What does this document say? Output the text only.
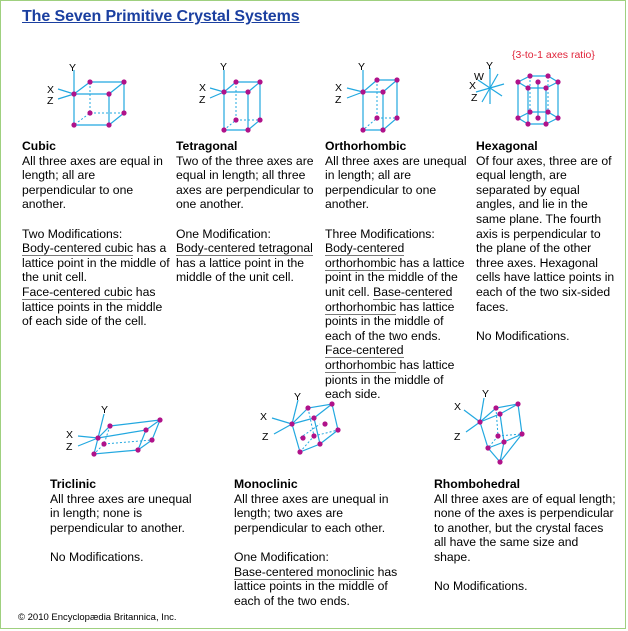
The Seven Primitive Crystal Systems
{3-to-1 axes ratio}
Y
X
Z
Y
X
Z
Y
X
Z
Y
W
X
Z
Y
X
Z
Y
X
Z
Y
X
Z
Cubic

All three axes are equal in length; all are perpendicular to one another.

Two Modifications:
Body-centered cubic has a lattice point in the middle of the unit cell.
Face-centered cubic has lattice points in the middle of each side of the cell.

Tetragonal

Two of the three axes are equal in length; all three axes are perpendicular to one another.

One Modification:
Body-centered tetragonal has a lattice point in the middle of the unit cell.

Orthorhombic

All three axes are unequal in length; all are perpendicular to one another.

Three Modifications:
Body-centered orthorhombic has a lattice point in the middle of the unit cell. Base-centered orthorhombic has lattice points in the middle of each of the two ends.
Face-centered orthorhombic has lattice pionts in the middle of each side.

Hexagonal

Of four axes, three are of equal length, are separated by equal angles, and lie in the same plane. The fourth axis is perpendicular to the plane of the other three axes. Hexagonal cells have lattice points in each of the two six-sided faces.

No Modifications.

Triclinic

All three axes are unequal in length; none is perpendicular to another.

No Modifications.

Monoclinic

All three axes are unequal in length; two axes are perpendicular to each other.

One Modification:
Base-centered monoclinic has lattice points in the middle of each of the two ends.

Rhombohedral

All three axes are of equal length; none of the axes is perpendicular to another, but the crystal faces all have the same size and shape.

No Modifications.

© 2010 Encyclopædia Britannica, Inc.
